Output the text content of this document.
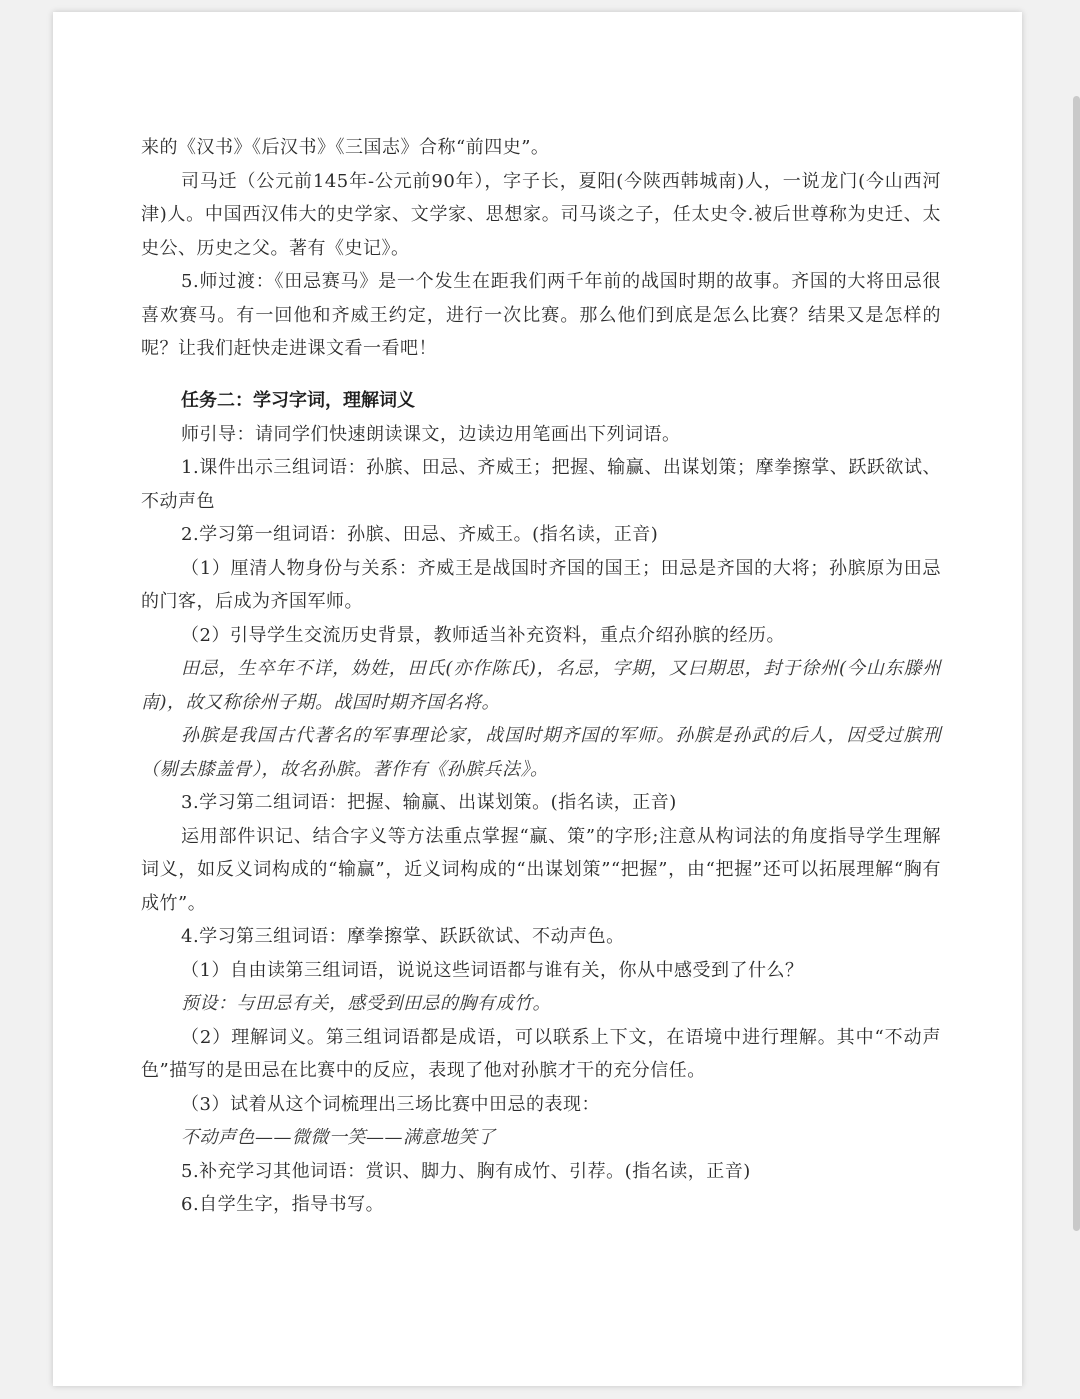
来的《汉书》《后汉书》《三国志》合称“前四史”。

司马迁（公元前145年-公元前90年），字子长，夏阳(今陕西韩城南)人，一说龙门(今山西河津)人。中国西汉伟大的史学家、文学家、思想家。司马谈之子，任太史令.被后世尊称为史迁、太史公、历史之父。著有《史记》。

5.师过渡：《田忌赛马》是一个发生在距我们两千年前的战国时期的故事。齐国的大将田忌很喜欢赛马。有一回他和齐威王约定，进行一次比赛。那么他们到底是怎么比赛？结果又是怎样的呢？让我们赶快走进课文看一看吧！

任务二：学习字词，理解词义

师引导：请同学们快速朗读课文，边读边用笔画出下列词语。

1.课件出示三组词语：孙膑、田忌、齐威王；把握、输赢、出谋划策；摩拳擦掌、跃跃欲试、不动声色

2.学习第一组词语：孙膑、田忌、齐威王。(指名读，正音)

（1）厘清人物身份与关系：齐威王是战国时齐国的国王；田忌是齐国的大将；孙膑原为田忌的门客，后成为齐国军师。

（2）引导学生交流历史背景，教师适当补充资料，重点介绍孙膑的经历。

田忌，生卒年不详，妫姓，田氏(亦作陈氏)，名忌，字期，又曰期思，封于徐州(今山东滕州南)，故又称徐州子期。战国时期齐国名将。

孙膑是我国古代著名的军事理论家，战国时期齐国的军师。孙膑是孙武的后人，因受过膑刑（剔去膝盖骨），故名孙膑。著作有《孙膑兵法》。

3.学习第二组词语：把握、输赢、出谋划策。(指名读，正音)

运用部件识记、结合字义等方法重点掌握“赢、策”的字形;注意从构词法的角度指导学生理解词义，如反义词构成的“输赢”，近义词构成的“出谋划策”“把握”，由“把握”还可以拓展理解“胸有成竹”。

4.学习第三组词语：摩拳擦掌、跃跃欲试、不动声色。

（1）自由读第三组词语，说说这些词语都与谁有关，你从中感受到了什么？

预设：与田忌有关，感受到田忌的胸有成竹。

（2）理解词义。第三组词语都是成语，可以联系上下文，在语境中进行理解。其中“不动声色”描写的是田忌在比赛中的反应，表现了他对孙膑才干的充分信任。

（3）试着从这个词梳理出三场比赛中田忌的表现：

不动声色——微微一笑——满意地笑了

5.补充学习其他词语：赏识、脚力、胸有成竹、引荐。(指名读，正音)

6.自学生字，指导书写。
